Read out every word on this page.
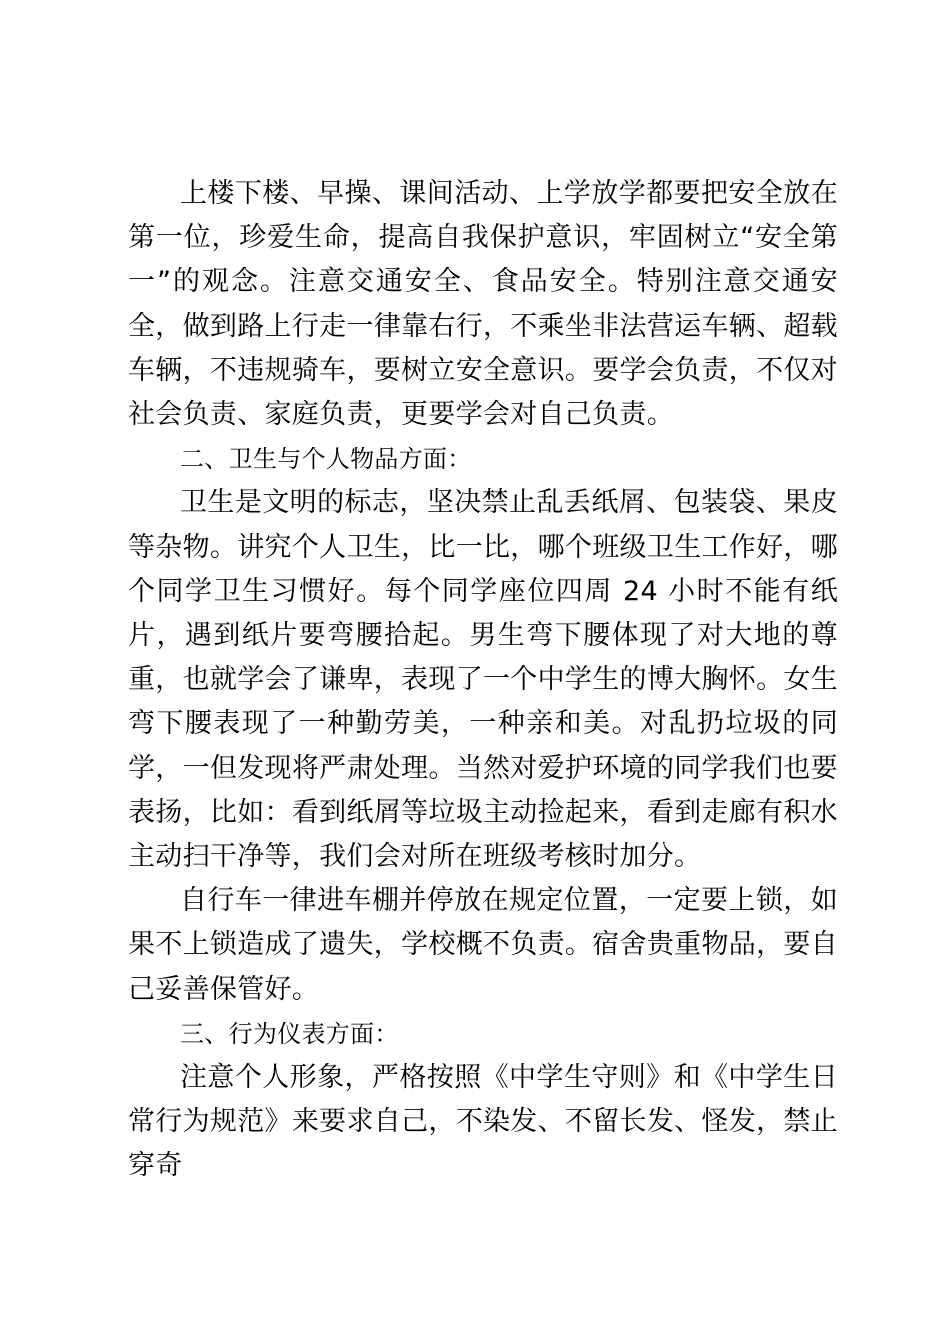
上楼下楼、早操、课间活动、上学放学都要把安全放在第一位，珍爱生命，提高自我保护意识，牢固树立“安全第一”的观念。注意交通安全、食品安全。特别注意交通安全，做到路上行走一律靠右行，不乘坐非法营运车辆、超载车辆，不违规骑车，要树立安全意识。要学会负责，不仅对社会负责、家庭负责，更要学会对自己负责。

二、卫生与个人物品方面：

卫生是文明的标志，坚决禁止乱丢纸屑、包装袋、果皮等杂物。讲究个人卫生，比一比，哪个班级卫生工作好，哪个同学卫生习惯好。每个同学座位四周 24 小时不能有纸片，遇到纸片要弯腰拾起。男生弯下腰体现了对大地的尊重，也就学会了谦卑，表现了一个中学生的博大胸怀。女生弯下腰表现了一种勤劳美，一种亲和美。对乱扔垃圾的同学，一但发现将严肃处理。当然对爱护环境的同学我们也要表扬，比如：看到纸屑等垃圾主动捡起来，看到走廊有积水主动扫干净等，我们会对所在班级考核时加分。

自行车一律进车棚并停放在规定位置，一定要上锁，如果不上锁造成了遗失，学校概不负责。宿舍贵重物品，要自己妥善保管好。

三、行为仪表方面：

注意个人形象，严格按照《中学生守则》和《中学生日常行为规范》来要求自己，不染发、不留长发、怪发，禁止穿奇
